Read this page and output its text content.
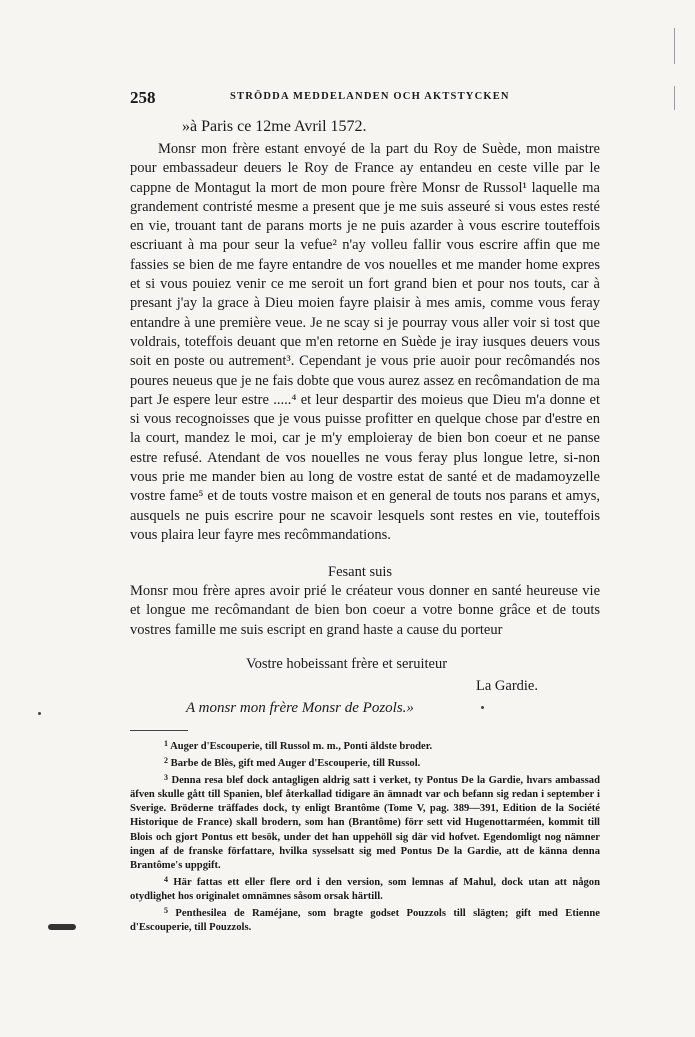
258	STRÖDDA MEDDELANDEN OCH AKTSTYCKEN
»à Paris ce 12me Avril 1572.

Monsr mon frère estant envoyé de la part du Roy de Suède, mon maistre pour embassadeur deuers le Roy de France ay entandeu en ceste ville par le cappne de Montagut la mort de mon poure frère Monsr de Russol¹ laquelle ma grandement contristé mesme a present que je me suis asseuré si vous estes resté en vie, trouant tant de parans morts je ne puis azarder à vous escrire touteffois escriuant à ma pour seur la vefue² n'ay volleu fallir vous escrire affin que me fassies se bien de me fayre entandre de vos nouelles et me mander home expres et si vous pouiez venir ce me seroit un fort grand bien et pour nos touts, car à presant j'ay la grace à Dieu moien fayre plaisir à mes amis, comme vous feray entandre à une première veue. Je ne scay si je pourray vous aller voir si tost que voldrais, toteffois deuant que m'en retorne en Suède je iray iusques deuers vous soit en poste ou autrement³. Cependant je vous prie auoir pour recômandés nos poures neueus que je ne fais dobte que vous aurez assez en recômandation de ma part Je espere leur estre .....⁴ et leur despartir des moieus que Dieu m'a donne et si vous recognoisses que je vous puisse profitter en quelque chose par d'estre en la court, mandez le moi, car je m'y emploieray de bien bon coeur et ne panse estre refusé. Atendant de vos nouelles ne vous feray plus longue letre, si-non vous prie me mander bien au long de vostre estat de santé et de madamoyzelle vostre fame⁵ et de touts vostre maison et en general de touts nos parans et amys, ausquels ne puis escrire pour ne scavoir lesquels sont restes en vie, touteffois vous plaira leur fayre mes recômmandations.

Fesant suis

Monsr mou frère apres avoir prié le créateur vous donner en santé heureuse vie et longue me recômandant de bien bon coeur a votre bonne grâce et de touts vostres famille me suis escript en grand haste a cause du porteur

Vostre hobeissant frère et seruiteur
La Gardie.
A monsr mon frère Monsr de Pozols.»

$^1$ Auger d'Escouperie, till Russol m. m., Ponti äldste broder.

$^2$ Barbe de Blès, gift med Auger d'Escouperie, till Russol.

$^3$ Denna resa blef dock antagligen aldrig satt i verket, ty Pontus De la Gardie, hvars ambassad äfven skulle gått till Spanien, blef återkallad tidigare än ämnadt var och befann sig redan i september i Sverige. Bröderne träffades dock, ty enligt Brantôme (Tome V, pag. 389—391, Edition de la Société Historique de France) skall brodern, som han (Brantôme) förr sett vid Hugenottarméen, kommit till Blois och gjort Pontus ett besök, under det han uppehöll sig där vid hofvet. Egendomligt nog nämner ingen af de franske författare, hvilka sysselsatt sig med Pontus De la Gardie, att de känna denna Brantôme's uppgift.

$^4$ Här fattas ett eller flere ord i den version, som lemnas af Mahul, dock utan att någon otydlighet hos originalet omnämnes såsom orsak härtill.

$^5$ Penthesilea de Raméjane, som bragte godset Pouzzols till slägten; gift med Etienne d'Escouperie, till Pouzzols.
